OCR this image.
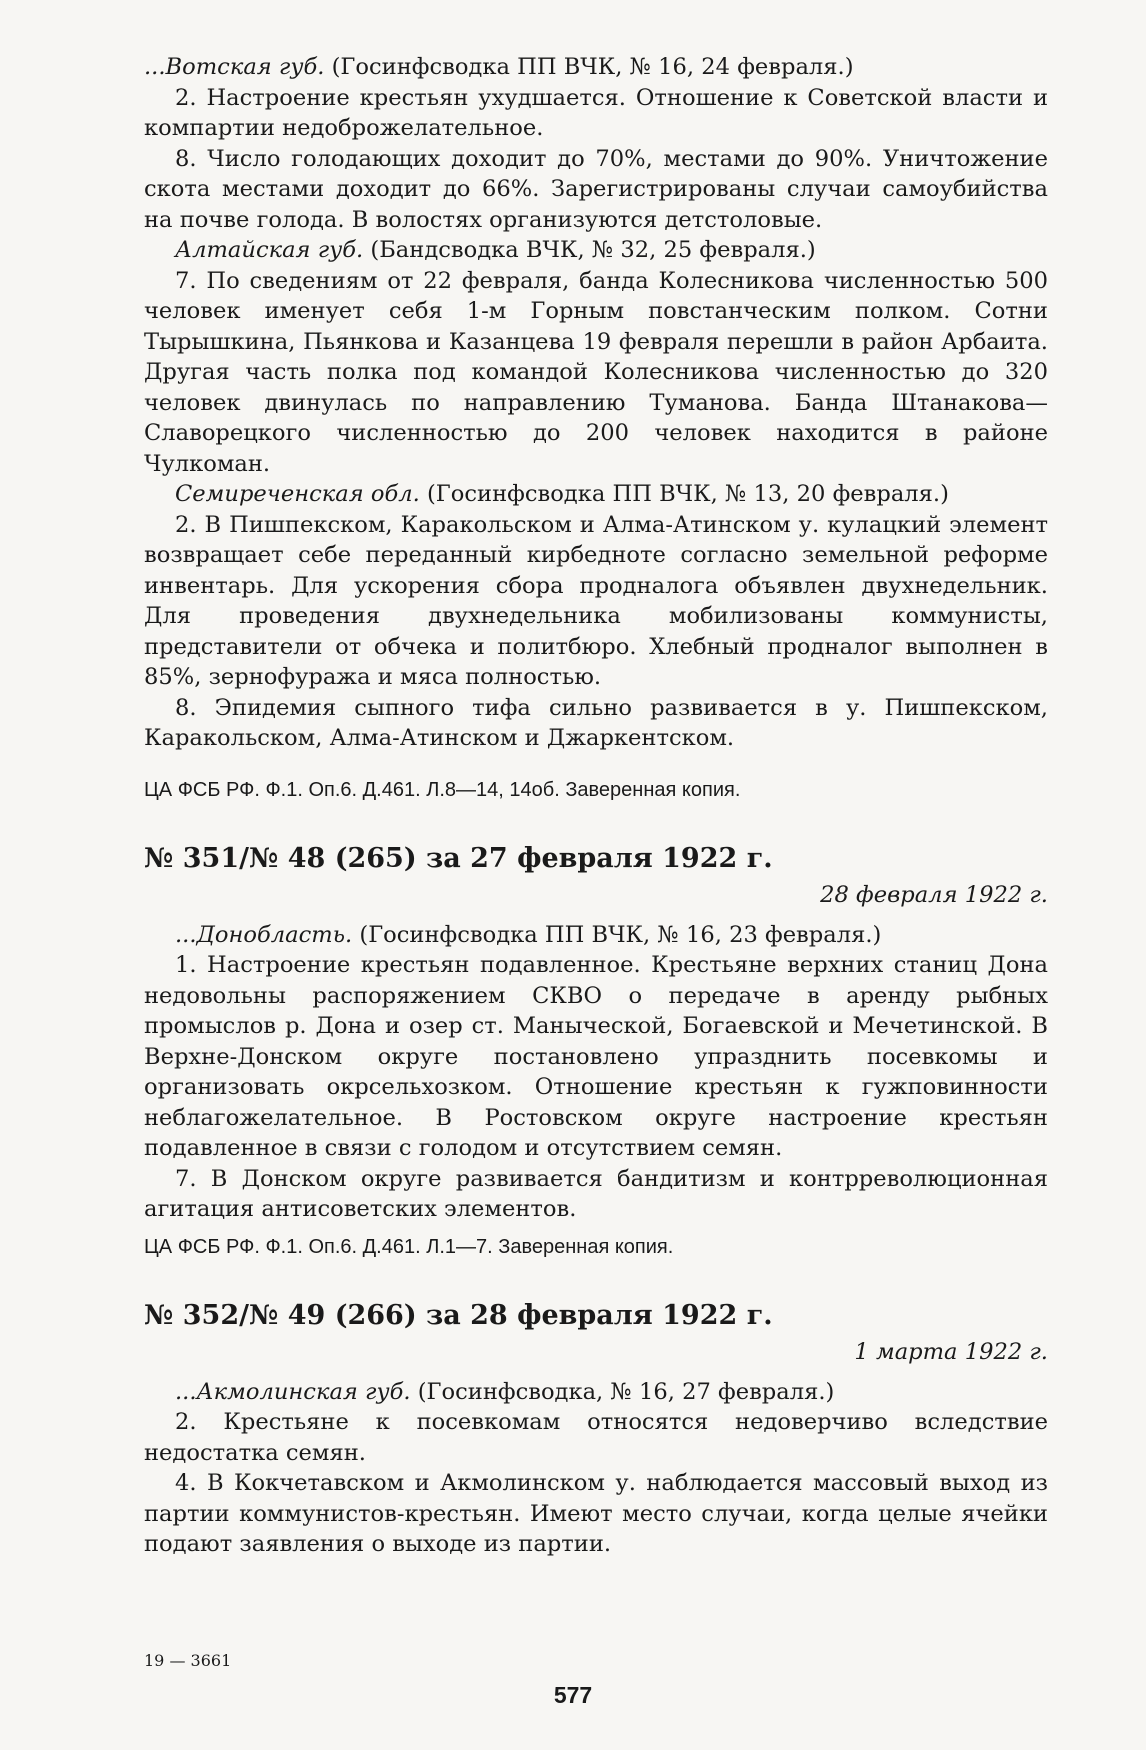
...Вотская губ. (Госинфсводка ПП ВЧК, № 16, 24 февраля.)

2. Настроение крестьян ухудшается. Отношение к Советской власти и компартии недоброжелательное.

8. Число голодающих доходит до 70%, местами до 90%. Уничтожение скота местами доходит до 66%. Зарегистрированы случаи самоубийства на почве голода. В волостях организуются детстоловые.

Алтайская губ. (Бандсводка ВЧК, № 32, 25 февраля.)

7. По сведениям от 22 февраля, банда Колесникова численностью 500 человек именует себя 1-м Горным повстанческим полком. Сотни Тырышкина, Пьянкова и Казанцева 19 февраля перешли в район Арбаита. Другая часть полка под командой Колесникова численностью до 320 человек двинулась по направлению Туманова. Банда Штанакова—Славорецкого численностью до 200 человек находится в районе Чулкоман.

Семиреченская обл. (Госинфсводка ПП ВЧК, № 13, 20 февраля.)

2. В Пишпекском, Каракольском и Алма-Атинском у. кулацкий элемент возвращает себе переданный кирбедноте согласно земельной реформе инвентарь. Для ускорения сбора продналога объявлен двухнедельник. Для проведения двухнедельника мобилизованы коммунисты, представители от обчека и политбюро. Хлебный продналог выполнен в 85%, зернофуража и мяса полностью.

8. Эпидемия сыпного тифа сильно развивается в у. Пишпекском, Каракольском, Алма-Атинском и Джаркентском.

ЦА ФСБ РФ. Ф.1. Оп.6. Д.461. Л.8—14, 14об. Заверенная копия.

№ 351/№ 48 (265) за 27 февраля 1922 г.

28 февраля 1922 г.

...Донобласть. (Госинфсводка ПП ВЧК, № 16, 23 февраля.)

1. Настроение крестьян подавленное. Крестьяне верхних станиц Дона недовольны распоряжением СКВО о передаче в аренду рыбных промыслов р. Дона и озер ст. Манычеcкой, Богаевской и Мечетинской. В Верхне-Донском округе постановлено упразднить посевкомы и организовать окрсельхозком. Отношение крестьян к гужповинности неблагожелательное. В Ростовском округе настроение крестьян подавленное в связи с голодом и отсутствием семян.

7. В Донском округе развивается бандитизм и контрреволюционная агитация антисоветских элементов.

ЦА ФСБ РФ. Ф.1. Оп.6. Д.461. Л.1—7. Заверенная копия.

№ 352/№ 49 (266) за 28 февраля 1922 г.

1 марта 1922 г.

...Акмолинская губ. (Госинфсводка, № 16, 27 февраля.)

2. Крестьяне к посевкомам относятся недоверчиво вследствие недостатка семян.

4. В Кокчетавском и Акмолинском у. наблюдается массовый выход из партии коммунистов-крестьян. Имеют место случаи, когда целые ячейки подают заявления о выходе из партии.

19 — 3661
577
